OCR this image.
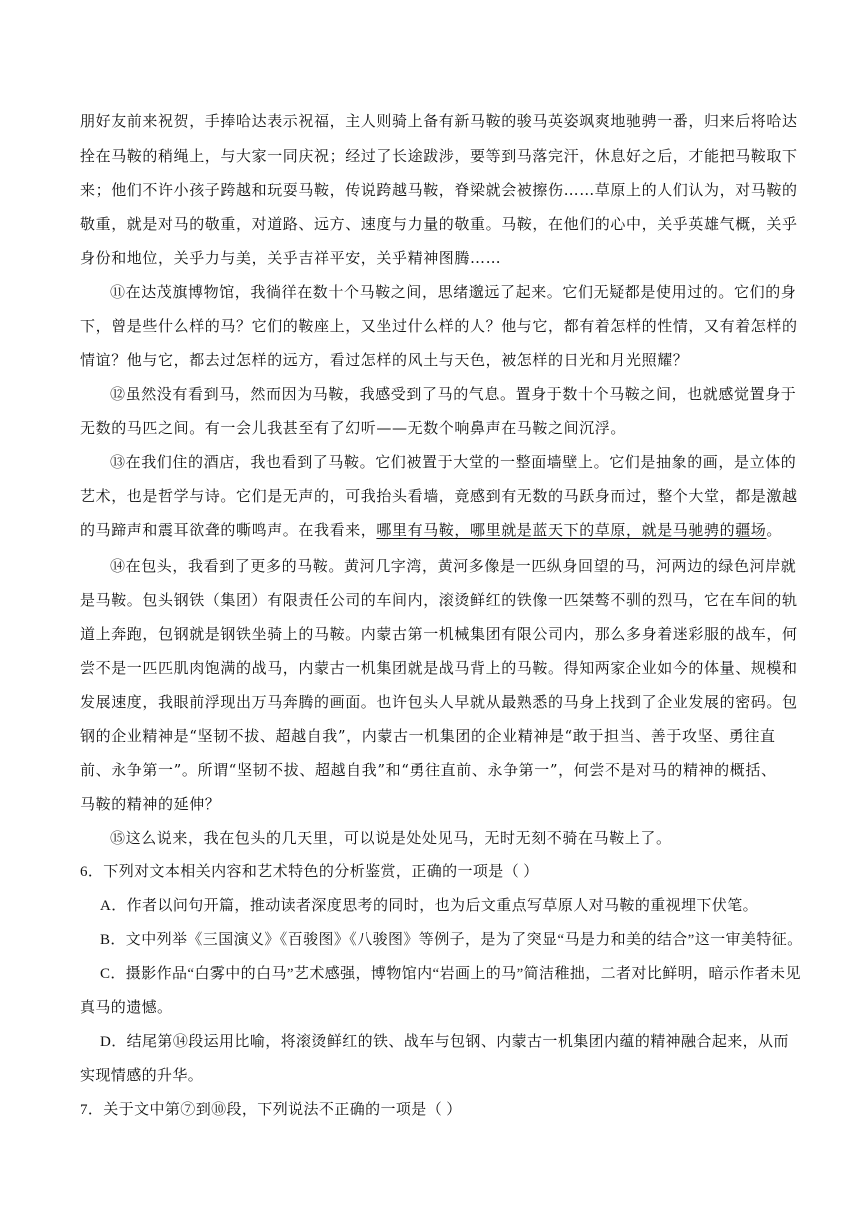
朋好友前来祝贺，手捧哈达表示祝福，主人则骑上备有新马鞍的骏马英姿飒爽地驰骋一番，归来后将哈达
拴在马鞍的稍绳上，与大家一同庆祝；经过了长途跋涉，要等到马落完汗，休息好之后，才能把马鞍取下
来；他们不许小孩子跨越和玩耍马鞍，传说跨越马鞍，脊梁就会被擦伤……草原上的人们认为，对马鞍的
敬重，就是对马的敬重，对道路、远方、速度与力量的敬重。马鞍，在他们的心中，关乎英雄气概，关乎
身份和地位，关乎力与美，关乎吉祥平安，关乎精神图腾……
⑪在达茂旗博物馆，我徜徉在数十个马鞍之间，思绪邈远了起来。它们无疑都是使用过的。它们的身
下，曾是些什么样的马？它们的鞍座上，又坐过什么样的人？他与它，都有着怎样的性情，又有着怎样的
情谊？他与它，都去过怎样的远方，看过怎样的风土与天色，被怎样的日光和月光照耀？
⑫虽然没有看到马，然而因为马鞍，我感受到了马的气息。置身于数十个马鞍之间，也就感觉置身于
无数的马匹之间。有一会儿我甚至有了幻听——无数个响鼻声在马鞍之间沉浮。
⑬在我们住的酒店，我也看到了马鞍。它们被置于大堂的一整面墙壁上。它们是抽象的画，是立体的
艺术，也是哲学与诗。它们是无声的，可我抬头看墙，竟感到有无数的马跃身而过，整个大堂，都是激越
的马蹄声和震耳欲聋的嘶鸣声。在我看来，哪里有马鞍，哪里就是蓝天下的草原，就是马驰骋的疆场。
⑭在包头，我看到了更多的马鞍。黄河几字湾，黄河多像是一匹纵身回望的马，河两边的绿色河岸就
是马鞍。包头钢铁（集团）有限责任公司的车间内，滚烫鲜红的铁像一匹桀骜不驯的烈马，它在车间的轨
道上奔跑，包钢就是钢铁坐骑上的马鞍。内蒙古第一机械集团有限公司内，那么多身着迷彩服的战车，何
尝不是一匹匹肌肉饱满的战马，内蒙古一机集团就是战马背上的马鞍。得知两家企业如今的体量、规模和
发展速度，我眼前浮现出万马奔腾的画面。也许包头人早就从最熟悉的马身上找到了企业发展的密码。包
钢的企业精神是“坚韧不拔、超越自我”，内蒙古一机集团的企业精神是“敢于担当、善于攻坚、勇往直
前、永争第一”。所谓“坚韧不拔、超越自我”和“勇往直前、永争第一”，何尝不是对马的精神的概括、
马鞍的精神的延伸？
⑮这么说来，我在包头的几天里，可以说是处处见马，无时无刻不骑在马鞍上了。
6．下列对文本相关内容和艺术特色的分析鉴赏，正确的一项是（ ）
A．作者以问句开篇，推动读者深度思考的同时，也为后文重点写草原人对马鞍的重视埋下伏笔。
B．文中列举《三国演义》《百骏图》《八骏图》等例子，是为了突显“马是力和美的结合”这一审美特征。
C．摄影作品“白雾中的白马”艺术感强，博物馆内“岩画上的马”简洁稚拙，二者对比鲜明，暗示作者未见
真马的遗憾。
D．结尾第⑭段运用比喻，将滚烫鲜红的铁、战车与包钢、内蒙古一机集团内蕴的精神融合起来，从而
实现情感的升华。
7．关于文中第⑦到⑩段，下列说法不正确的一项是（ ）
